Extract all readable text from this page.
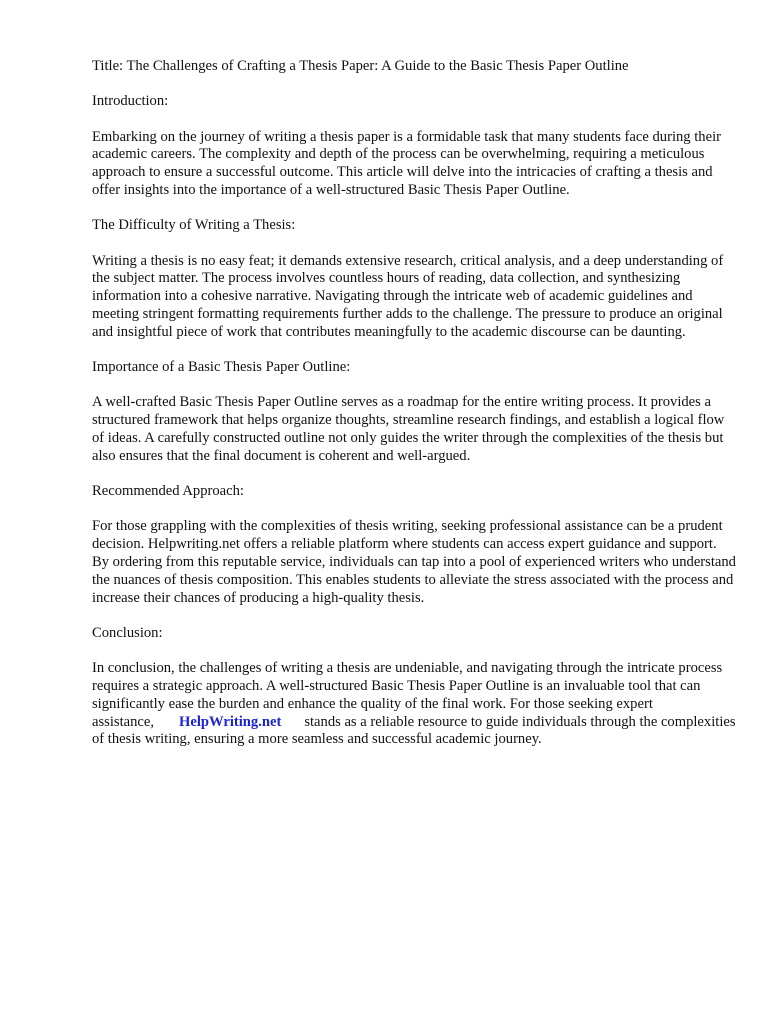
Title: The Challenges of Crafting a Thesis Paper: A Guide to the Basic Thesis Paper Outline

Introduction:

Embarking on the journey of writing a thesis paper is a formidable task that many students face during their academic careers. The complexity and depth of the process can be overwhelming, requiring a meticulous approach to ensure a successful outcome. This article will delve into the intricacies of crafting a thesis and offer insights into the importance of a well-structured Basic Thesis Paper Outline.

The Difficulty of Writing a Thesis:

Writing a thesis is no easy feat; it demands extensive research, critical analysis, and a deep understanding of the subject matter. The process involves countless hours of reading, data collection, and synthesizing information into a cohesive narrative. Navigating through the intricate web of academic guidelines and meeting stringent formatting requirements further adds to the challenge. The pressure to produce an original and insightful piece of work that contributes meaningfully to the academic discourse can be daunting.

Importance of a Basic Thesis Paper Outline:

A well-crafted Basic Thesis Paper Outline serves as a roadmap for the entire writing process. It provides a structured framework that helps organize thoughts, streamline research findings, and establish a logical flow of ideas. A carefully constructed outline not only guides the writer through the complexities of the thesis but also ensures that the final document is coherent and well-argued.

Recommended Approach:

For those grappling with the complexities of thesis writing, seeking professional assistance can be a prudent decision. Helpwriting.net offers a reliable platform where students can access expert guidance and support. By ordering from this reputable service, individuals can tap into a pool of experienced writers who understand the nuances of thesis composition. This enables students to alleviate the stress associated with the process and increase their chances of producing a high-quality thesis.

Conclusion:

In conclusion, the challenges of writing a thesis are undeniable, and navigating through the intricate process requires a strategic approach. A well-structured Basic Thesis Paper Outline is an invaluable tool that can significantly ease the burden and enhance the quality of the final work. For those seeking expert assistance, HelpWriting.net stands as a reliable resource to guide individuals through the complexities of thesis writing, ensuring a more seamless and successful academic journey.
